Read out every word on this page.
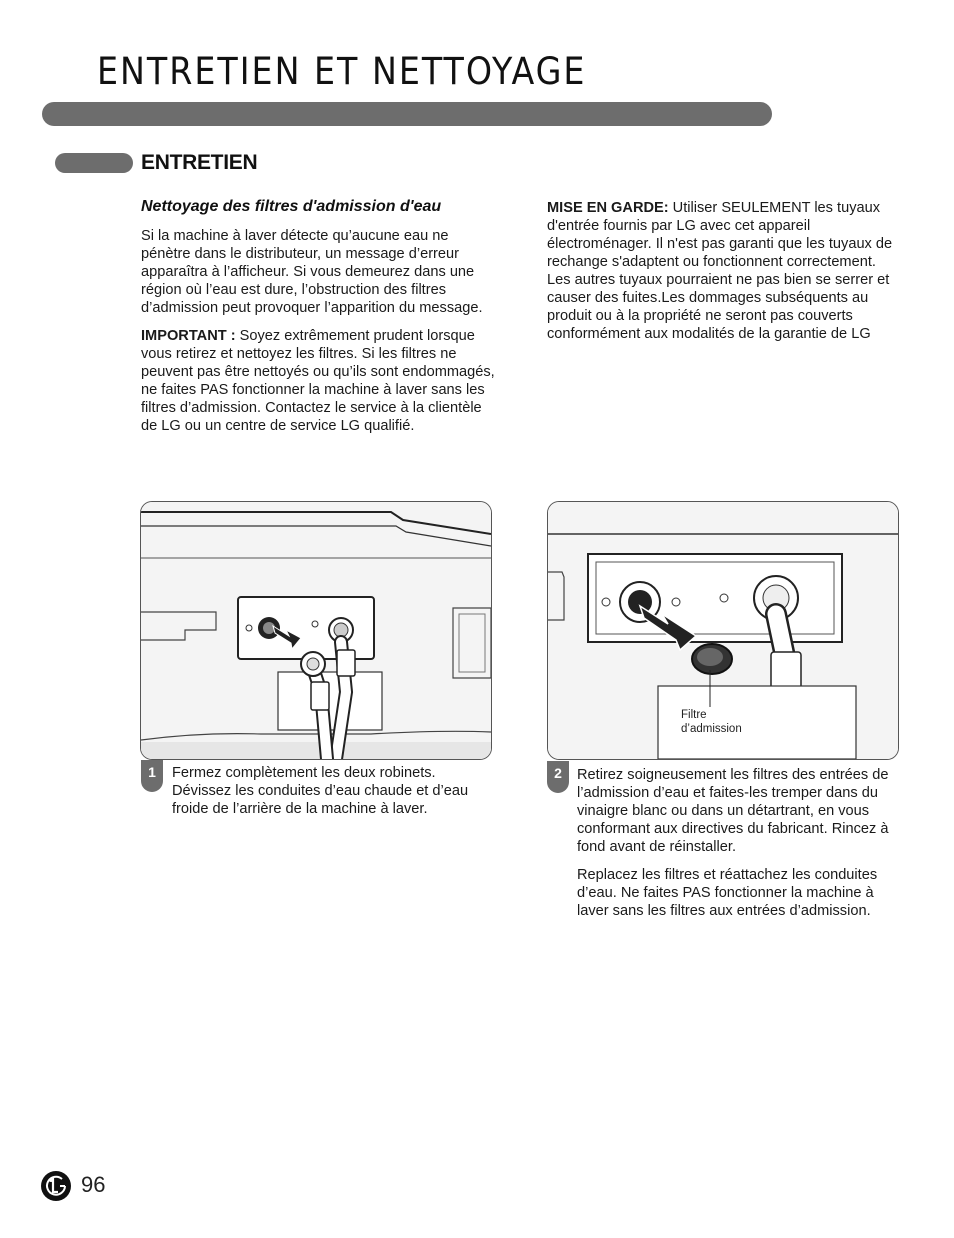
ENTRETIEN ET NETTOYAGE
ENTRETIEN
Nettoyage des filtres d'admission d'eau

Si la machine à laver détecte qu’aucune eau ne pénètre dans le distributeur, un message d’erreur apparaîtra à l’afficheur. Si vous demeurez dans une région où l’eau est dure, l’obstruction des filtres d’admission peut provoquer l’apparition du message.

IMPORTANT : Soyez extrêmement prudent lorsque vous retirez et nettoyez les filtres. Si les filtres ne peuvent pas être nettoyés ou qu’ils sont endommagés, ne faites PAS fonctionner la machine à laver sans les filtres d’admission. Contactez le service à la clientèle de LG ou un centre de service LG qualifié.

MISE EN GARDE: Utiliser SEULEMENT les tuyaux d'entrée fournis par LG avec cet appareil électroménager. Il n'est pas garanti que les tuyaux de rechange s'adaptent ou fonctionnent correctement. Les autres tuyaux pourraient ne pas bien se serrer et causer des fuites.Les dommages subséquents au produit ou à la propriété ne seront pas couverts conformément aux modalités de la garantie de LG

1	Fermez complètement les deux robinets. Dévissez les conduites d’eau chaude et d’eau froide de l’arrière de la machine à laver.
Filtre
d’admission
2	Retirez soigneusement les filtres des entrées de l’admission d’eau et faites-les tremper dans du vinaigre blanc ou dans un détartrant, en vous conformant aux directives du fabricant. Rincez à fond avant de réinstaller.

Replacez les filtres et réattachez les conduites d’eau. Ne faites PAS fonctionner la machine à laver sans les filtres aux entrées d’admission.

96
